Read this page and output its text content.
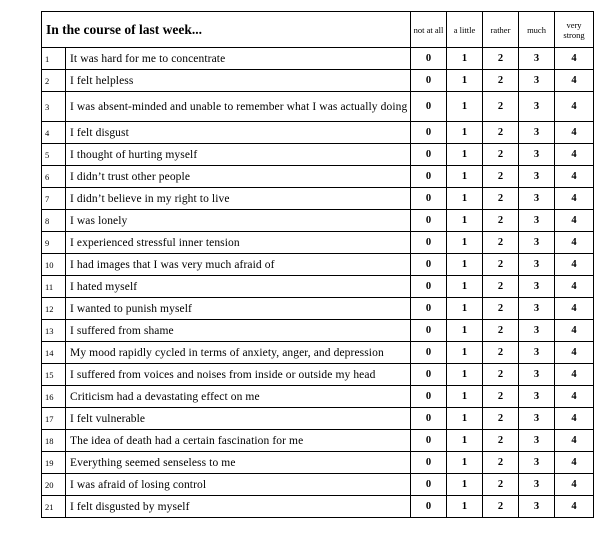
In the course of last week...		not at all	a little	rather	much	very strong
1	It was hard for me to concentrate	0	1	2	3	4
2	I felt helpless	0	1	2	3	4
3	I was absent-minded and unable to remember what I was actually doing	0	1	2	3	4
4	I felt disgust	0	1	2	3	4
5	I thought of hurting myself	0	1	2	3	4
6	I didn’t trust other people	0	1	2	3	4
7	I didn’t believe in my right to live	0	1	2	3	4
8	I was lonely	0	1	2	3	4
9	I experienced stressful inner tension	0	1	2	3	4
10	I had images that I was very much afraid of	0	1	2	3	4
11	I hated myself	0	1	2	3	4
12	I wanted to punish myself	0	1	2	3	4
13	I suffered from shame	0	1	2	3	4
14	My mood rapidly cycled in terms of anxiety, anger, and depression	0	1	2	3	4
15	I suffered from voices and noises from inside or outside my head	0	1	2	3	4
16	Criticism had a devastating effect on me	0	1	2	3	4
17	I felt vulnerable	0	1	2	3	4
18	The idea of death had a certain fascination for me	0	1	2	3	4
19	Everything seemed senseless to me	0	1	2	3	4
20	I was afraid of losing control	0	1	2	3	4
21	I felt disgusted by myself	0	1	2	3	4
